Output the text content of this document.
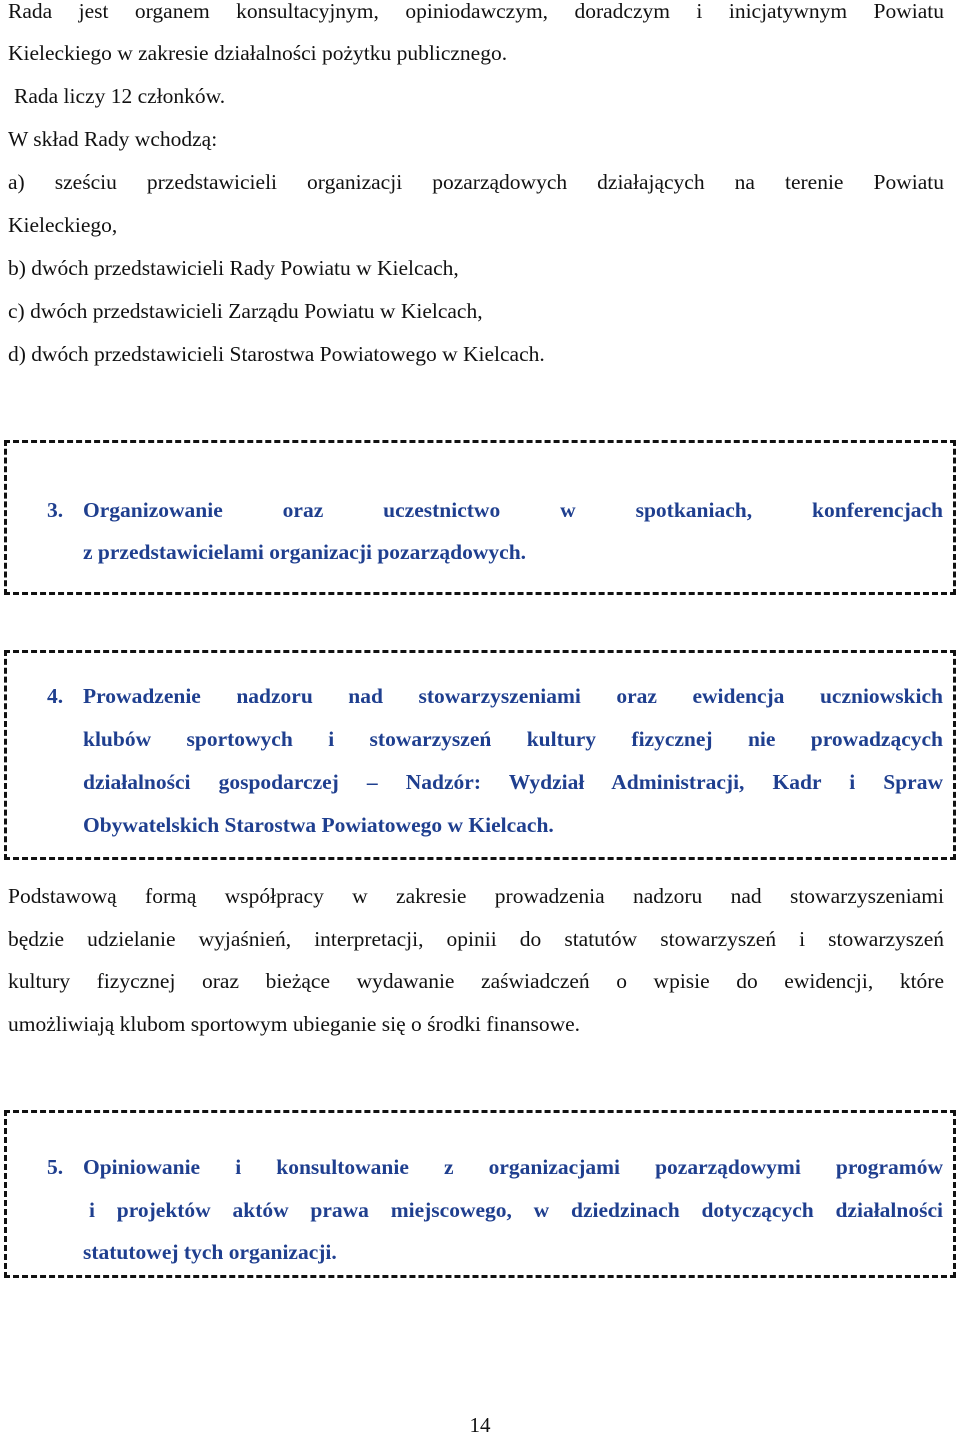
Rada jest organem konsultacyjnym, opiniodawczym, doradczym i inicjatywnym Powiatu
Kieleckiego w zakresie działalności pożytku publicznego.
Rada liczy 12 członków.
W skład Rady wchodzą:
a) sześciu przedstawicieli organizacji pozarządowych działających na terenie Powiatu
Kieleckiego,
b) dwóch przedstawicieli Rady Powiatu w Kielcach,
c) dwóch przedstawicieli Zarządu Powiatu w Kielcach,
d) dwóch przedstawicieli Starostwa Powiatowego w Kielcach.
3. Organizowanie oraz uczestnictwo w spotkaniach, konferencjach
z przedstawicielami organizacji pozarządowych.
4. Prowadzenie nadzoru nad stowarzyszeniami oraz ewidencja uczniowskich
klubów sportowych i stowarzyszeń kultury fizycznej nie prowadzących
działalności gospodarczej – Nadzór: Wydział Administracji, Kadr i Spraw
Obywatelskich Starostwa Powiatowego w Kielcach.
Podstawową formą współpracy w zakresie prowadzenia nadzoru nad stowarzyszeniami
będzie udzielanie wyjaśnień, interpretacji, opinii do statutów stowarzyszeń i stowarzyszeń
kultury fizycznej oraz bieżące wydawanie zaświadczeń o wpisie do ewidencji, które
umożliwiają klubom sportowym ubieganie się o środki finansowe.
5. Opiniowanie i konsultowanie z organizacjami pozarządowymi programów
i projektów aktów prawa miejscowego, w dziedzinach dotyczących działalności
statutowej tych organizacji.
14
